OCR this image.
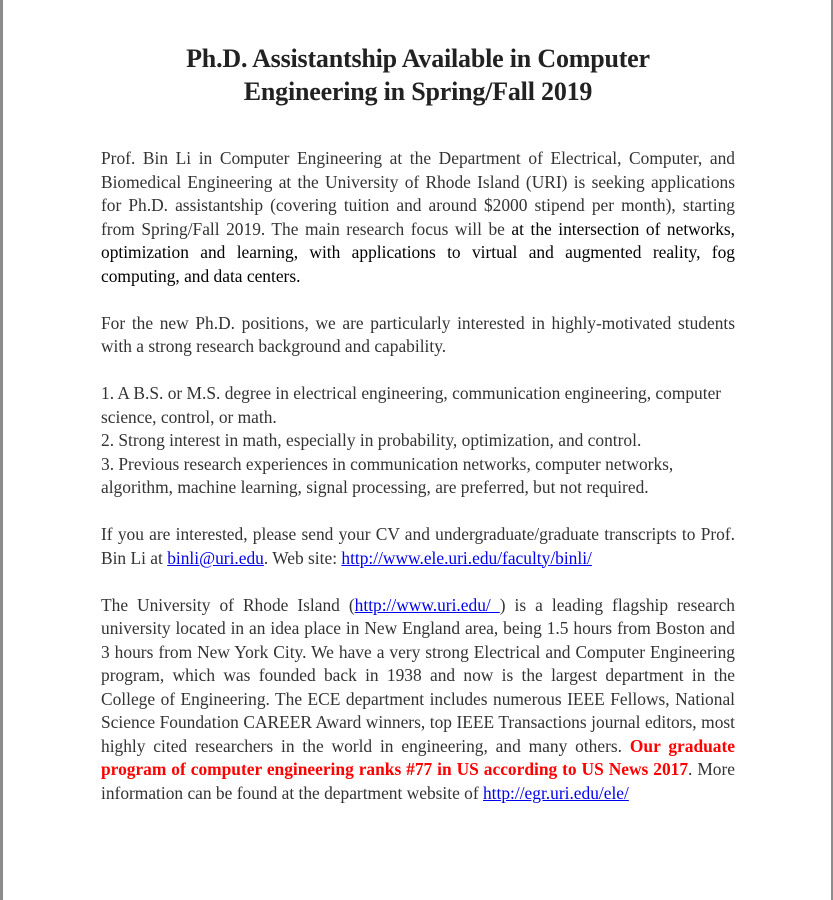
Ph.D. Assistantship Available in Computer
Engineering in Spring/Fall 2019

Prof. Bin Li in Computer Engineering at the Department of Electrical, Computer, and Biomedical Engineering at the University of Rhode Island (URI) is seeking applications for Ph.D. assistantship (covering tuition and around $2000 stipend per month), starting from Spring/Fall 2019. The main research focus will be at the intersection of networks, optimization and learning, with applications to virtual and augmented reality, fog computing, and data centers.

For the new Ph.D. positions, we are particularly interested in highly-motivated students with a strong research background and capability.

1. A B.S. or M.S. degree in electrical engineering, communication engineering, computer science, control, or math.

2. Strong interest in math, especially in probability, optimization, and control.

3. Previous research experiences in communication networks, computer networks, algorithm, machine learning, signal processing, are preferred, but not required.

If you are interested, please send your CV and undergraduate/graduate transcripts to Prof. Bin Li at binli@uri.edu. Web site: http://www.ele.uri.edu/faculty/binli/

The University of Rhode Island (http://www.uri.edu/ ) is a leading flagship research university located in an idea place in New England area, being 1.5 hours from Boston and 3 hours from New York City. We have a very strong Electrical and Computer Engineering program, which was founded back in 1938 and now is the largest department in the College of Engineering. The ECE department includes numerous IEEE Fellows, National Science Foundation CAREER Award winners, top IEEE Transactions journal editors, most highly cited researchers in the world in engineering, and many others. Our graduate program of computer engineering ranks #77 in US according to US News 2017. More information can be found at the department website of http://egr.uri.edu/ele/
